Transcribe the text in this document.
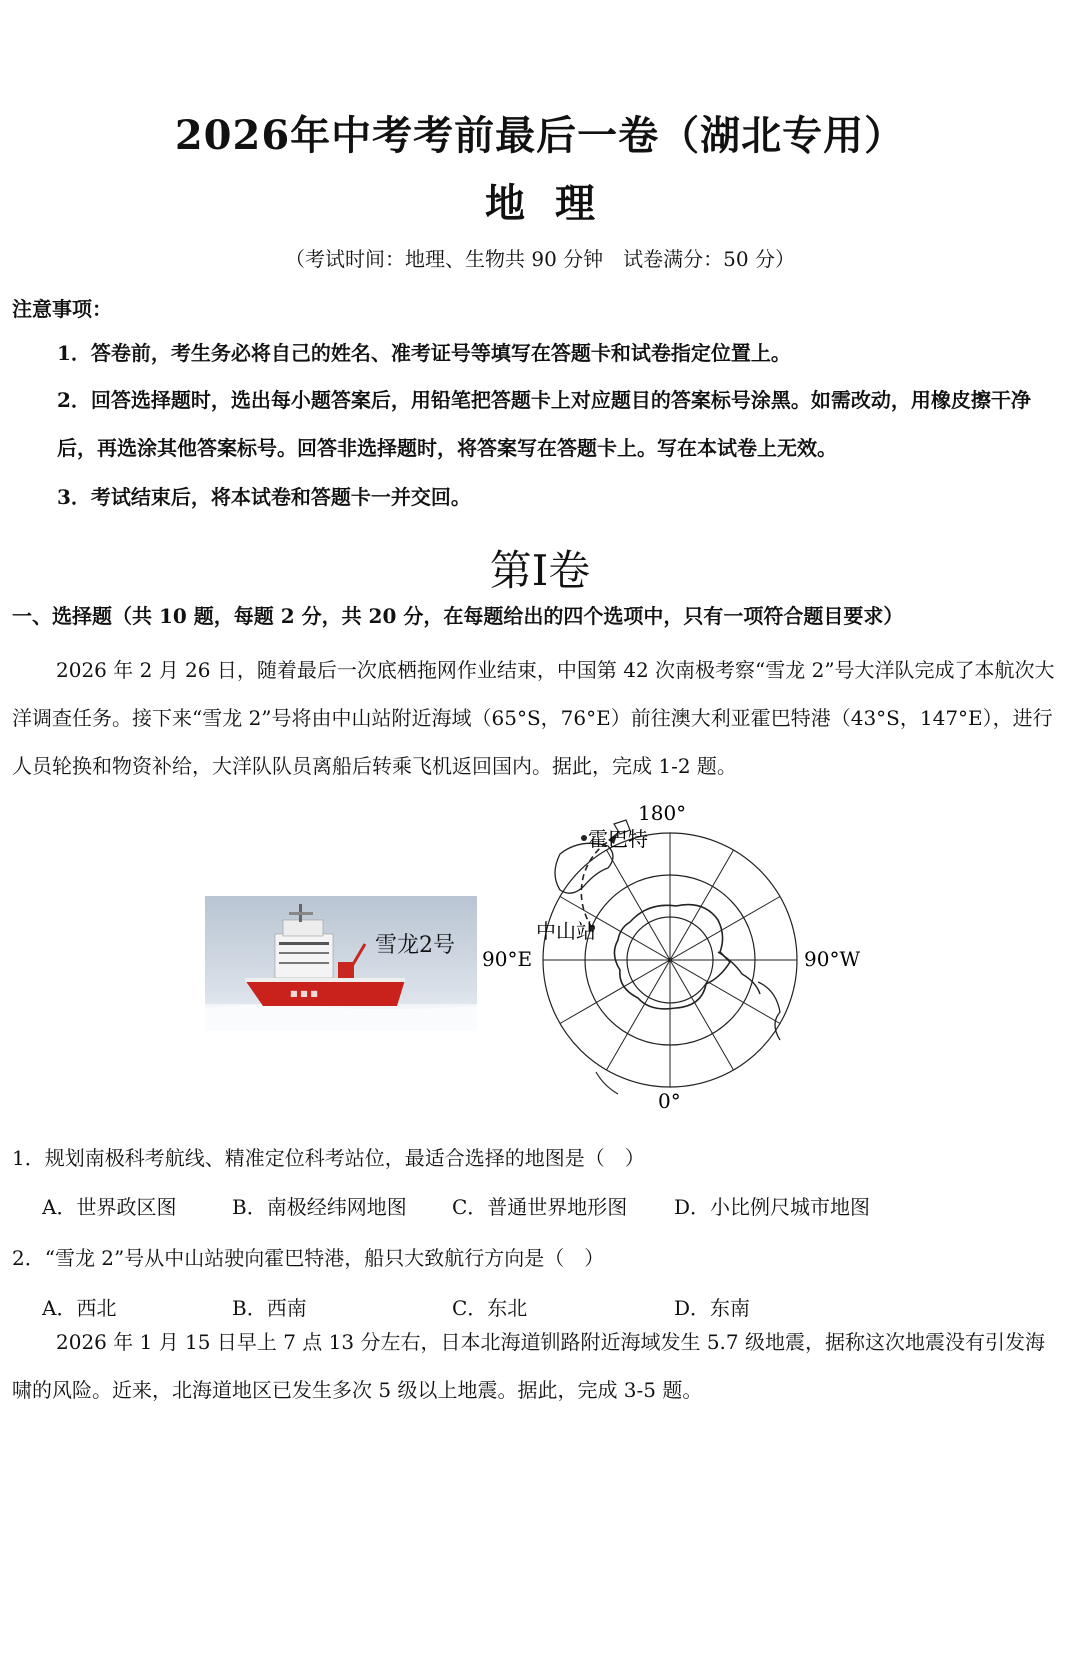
2026年中考考前最后一卷（湖北专用）
地理
（考试时间：地理、生物共 90 分钟　试卷满分：50 分）
注意事项：
1．答卷前，考生务必将自己的姓名、准考证号等填写在答题卡和试卷指定位置上。
2．回答选择题时，选出每小题答案后，用铅笔把答题卡上对应题目的答案标号涂黑。如需改动，用橡皮擦干净后，再选涂其他答案标号。回答非选择题时，将答案写在答题卡上。写在本试卷上无效。
3．考试结束后，将本试卷和答题卡一并交回。
第Ⅰ卷
一、选择题（共 10 题，每题 2 分，共 20 分，在每题给出的四个选项中，只有一项符合题目要求）
2026 年 2 月 26 日，随着最后一次底栖拖网作业结束，中国第 42 次南极考察“雪龙 2”号大洋队完成了本航次大洋调查任务。接下来“雪龙 2”号将由中山站附近海域（65°S，76°E）前往澳大利亚霍巴特港（43°S，147°E），进行人员轮换和物资补给，大洋队队员离船后转乘飞机返回国内。据此，完成 1-2 题。
■ ■ ■
雪龙2号
180°
0°
90°E	90°W
霍巴特
中山站
1．规划南极科考航线、精准定位科考站位，最适合选择的地图是（　）
A．世界政区图	B．南极经纬网地图	C．普通世界地形图	D．小比例尺城市地图
2．“雪龙 2”号从中山站驶向霍巴特港，船只大致航行方向是（　）
A．西北	B．西南	C．东北	D．东南
2026 年 1 月 15 日早上 7 点 13 分左右，日本北海道钏路附近海域发生 5.7 级地震，据称这次地震没有引发海啸的风险。近来，北海道地区已发生多次 5 级以上地震。据此，完成 3-5 题。
